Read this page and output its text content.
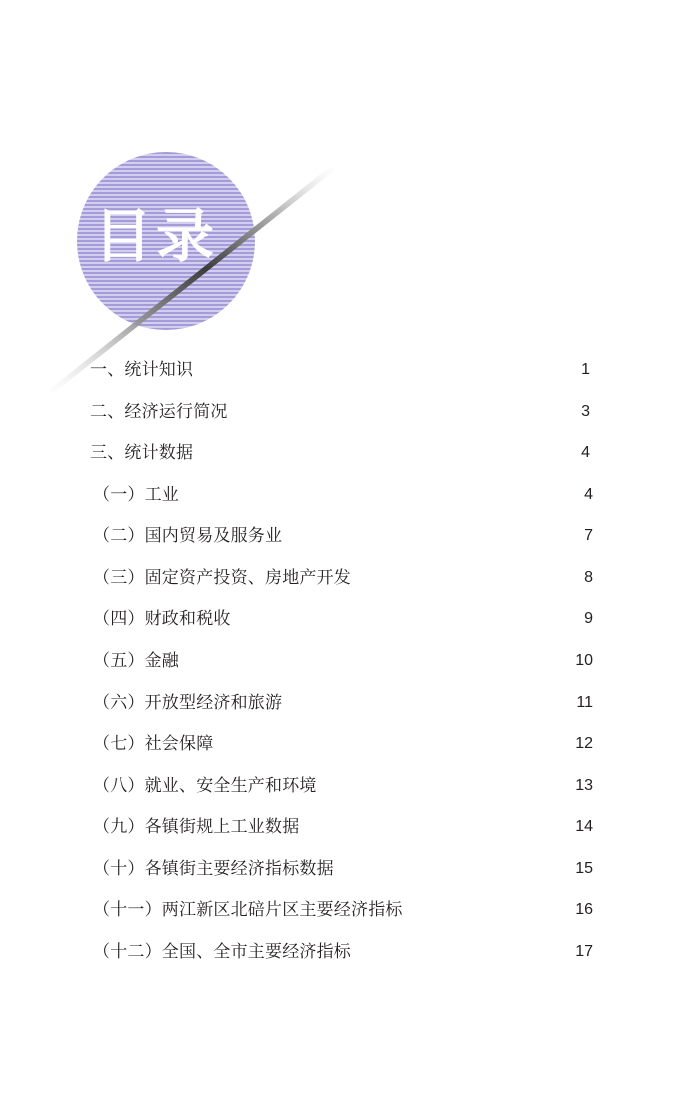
目录
一、统计知识	1
二、经济运行简况	3
三、统计数据	4
（一）工业	4
（二）国内贸易及服务业	7
（三）固定资产投资、房地产开发	8
（四）财政和税收	9
（五）金融	10
（六）开放型经济和旅游	11
（七）社会保障	12
（八）就业、安全生产和环境	13
（九）各镇街规上工业数据	14
（十）各镇街主要经济指标数据	15
（十一）两江新区北碚片区主要经济指标	16
（十二）全国、全市主要经济指标	17
